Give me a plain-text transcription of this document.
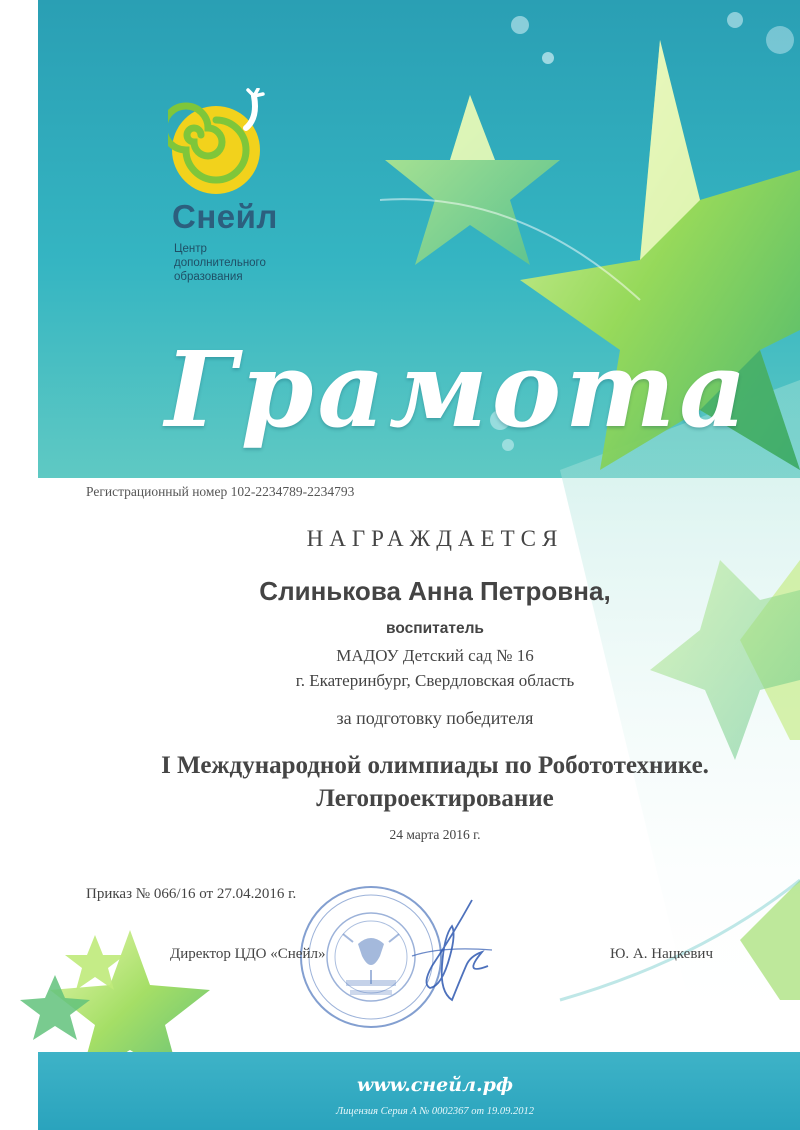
Снейл
Центр
дополнительного
образования
Грамота
Регистрационный номер 102-2234789-2234793
НАГРАЖДАЕТСЯ
Слинькова Анна Петровна,
воспитатель
МАДОУ Детский сад № 16
г. Екатеринбург, Свердловская область
за подготовку победителя
I Международной олимпиады по Робототехнике.
Легопроектирование
24 марта 2016 г.
Приказ № 066/16 от 27.04.2016 г.
Директор ЦДО «Снейл»	Ю. А. Нацкевич
www.снейл.рф
Лицензия Серия А № 0002367 от 19.09.2012
